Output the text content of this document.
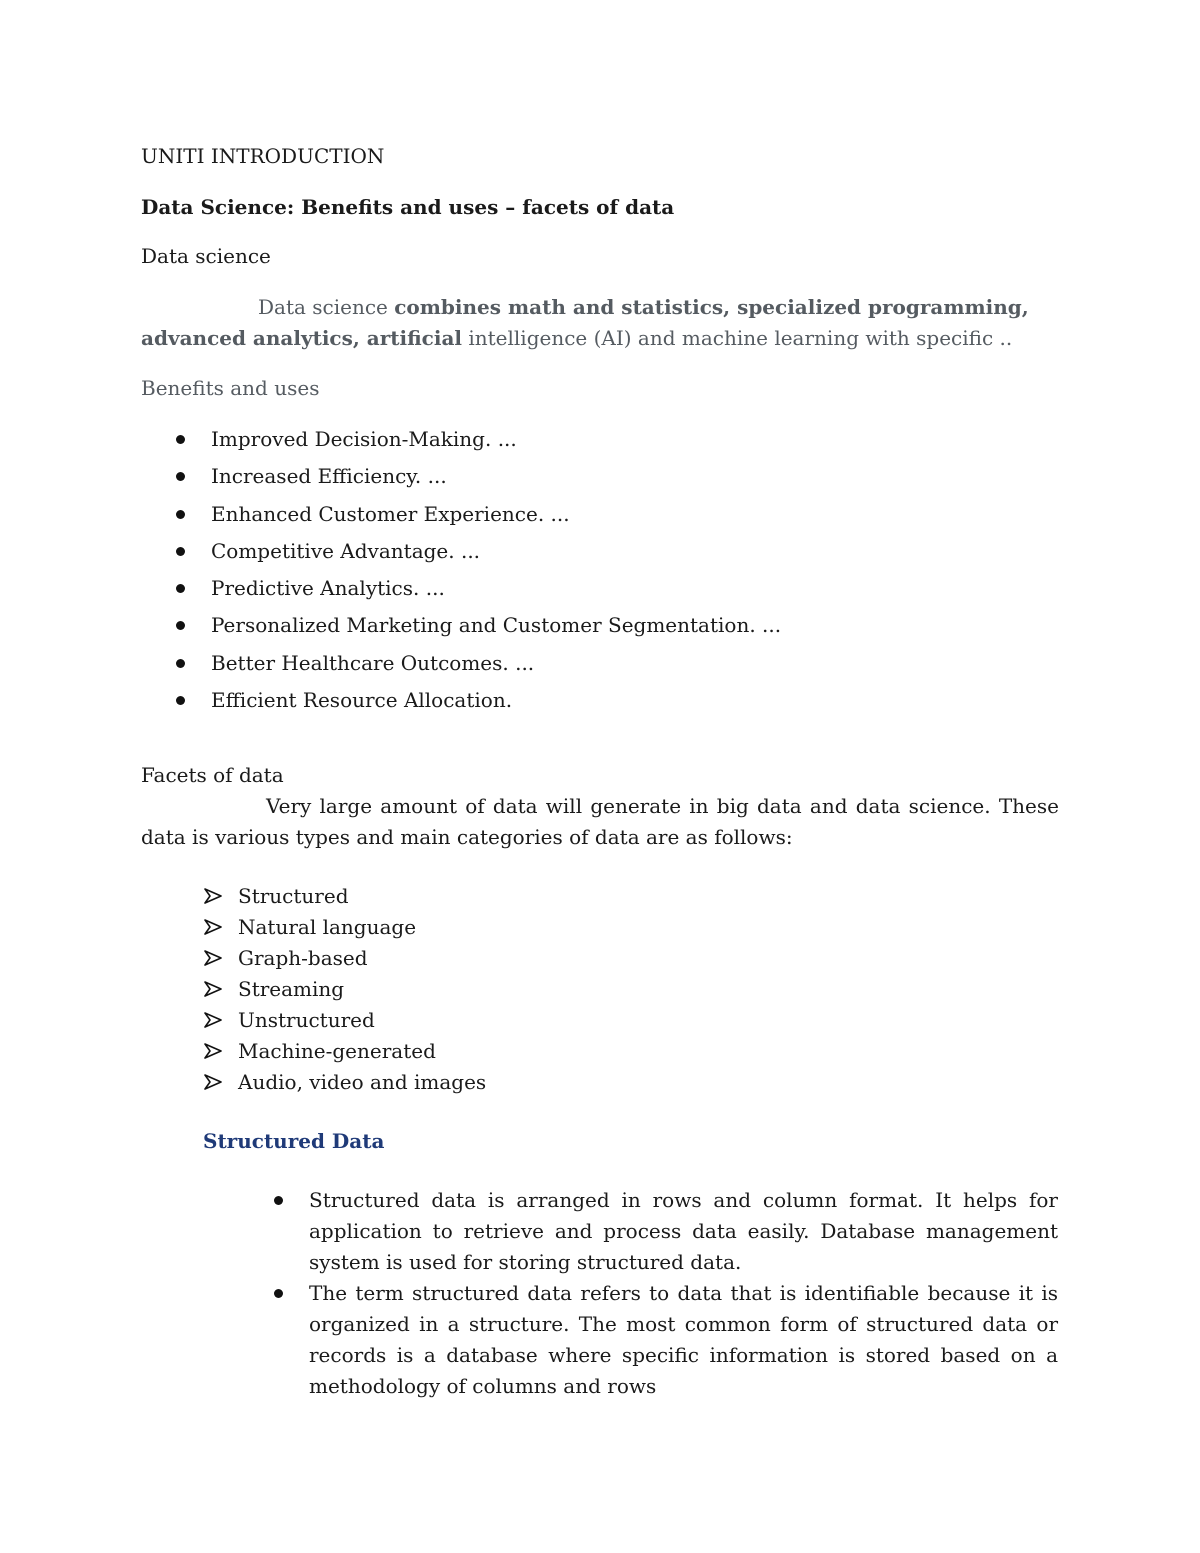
UNITI INTRODUCTION
Data Science: Benefits and uses – facets of data
Data science
Data science combines math and statistics, specialized programming, advanced analytics, artificial intelligence (AI) and machine learning with specific ..
Benefits and uses
Improved Decision-Making. ...
Increased Efficiency. ...
Enhanced Customer Experience. ...
Competitive Advantage. ...
Predictive Analytics. ...
Personalized Marketing and Customer Segmentation. ...
Better Healthcare Outcomes. ...
Efficient Resource Allocation.
Facets of data
Very large amount of data will generate in big data and data science. These data is various types and main categories of data are as follows:
Structured
Natural language
Graph-based
Streaming
Unstructured
Machine-generated
Audio, video and images
Structured Data
Structured data is arranged in rows and column format. It helps for application to retrieve and process data easily. Database management system is used for storing structured data.
The term structured data refers to data that is identifiable because it is organized in a structure. The most common form of structured data or records is a database where specific information is stored based on a methodology of columns and rows
